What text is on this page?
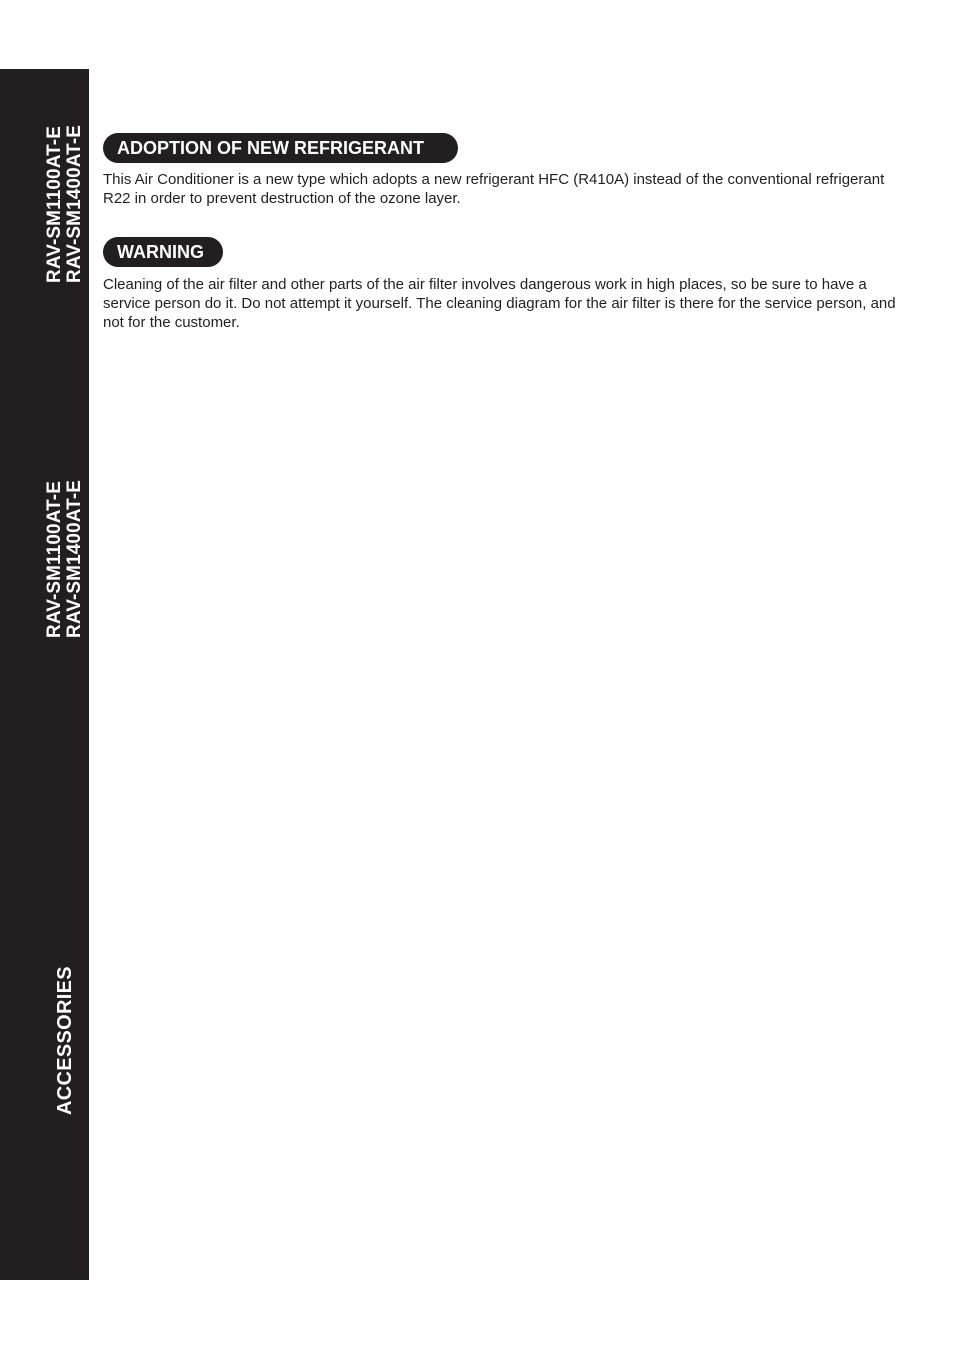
RAV-SM1100AT-E RAV-SM1400AT-E
RAV-SM1100AT-E RAV-SM1400AT-E
ACCESSORIES
ADOPTION OF NEW REFRIGERANT

This Air Conditioner is a new type which adopts a new refrigerant HFC (R410A) instead of the conventional refrigerant R22 in order to prevent destruction of the ozone layer.

WARNING

Cleaning of the air filter and other parts of the air filter involves dangerous work in high places, so be sure to have a service person do it. Do not attempt it yourself. The cleaning diagram for the air filter is there for the service person, and not for the customer.
